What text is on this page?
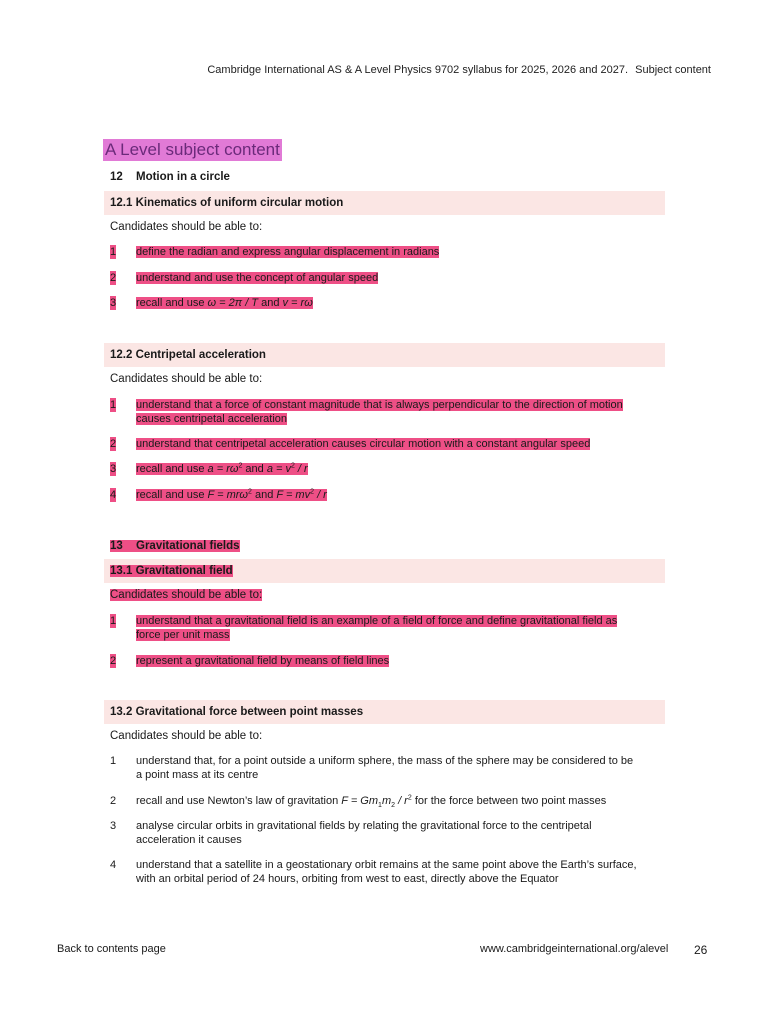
Cambridge International AS & A Level Physics 9702 syllabus for 2025, 2026 and 2027. Subject content
A Level subject content
12 Motion in a circle
12.1 Kinematics of uniform circular motion
Candidates should be able to:
1 define the radian and express angular displacement in radians
2 understand and use the concept of angular speed
3 recall and use ω = 2π / T and v = rω
12.2 Centripetal acceleration
Candidates should be able to:
1 understand that a force of constant magnitude that is always perpendicular to the direction of motion
causes centripetal acceleration
2 understand that centripetal acceleration causes circular motion with a constant angular speed
3 recall and use $a = r\omega^2$ and $a = v^2 / r$
4 recall and use F = mrω$^2$ and $F = mv^2 / r$
13 Gravitational fields
13.1 Gravitational field
Candidates should be able to:
1 understand that a gravitational field is an example of a field of force and define gravitational field as
force per unit mass
2 represent a gravitational field by means of field lines
13.2 Gravitational force between point masses
Candidates should be able to:
1 understand that, for a point outside a uniform sphere, the mass of the sphere may be considered to be
a point mass at its centre
2 recall and use Newton’s law of gravitation $F = Gm_1m_2 / r^2$ for the force between two point masses
3 analyse circular orbits in gravitational fields by relating the gravitational force to the centripetal
acceleration it causes
4 understand that a satellite in a geostationary orbit remains at the same point above the Earth’s surface,
with an orbital period of 24 hours, orbiting from west to east, directly above the Equator
Back to contents page	www.cambridgeinternational.org/alevel 26
